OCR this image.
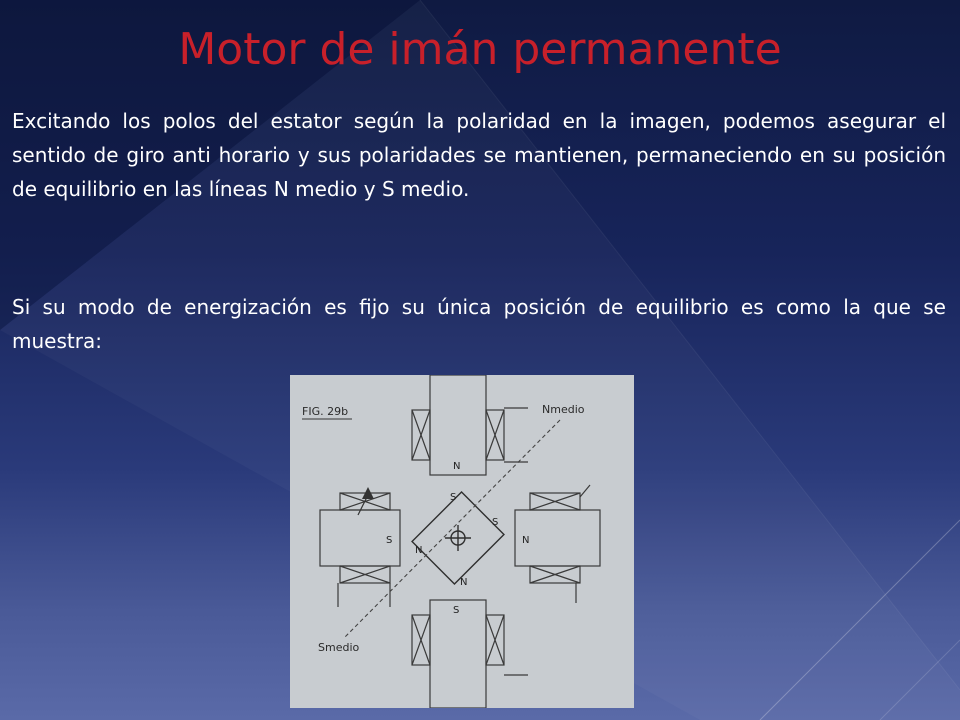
Motor de imán permanente

Excitando los polos del estator según la polaridad en la imagen, podemos asegurar el sentido de giro anti horario y sus polaridades se mantienen, permaneciendo en su posición de equilibrio en las líneas N medio y S medio.

Si su modo de energización es fijo su única posición de equilibrio es como la que se muestra:

FIG. 29b	Nmedio
Smedio
N
S
S	N
S
N
N
S
